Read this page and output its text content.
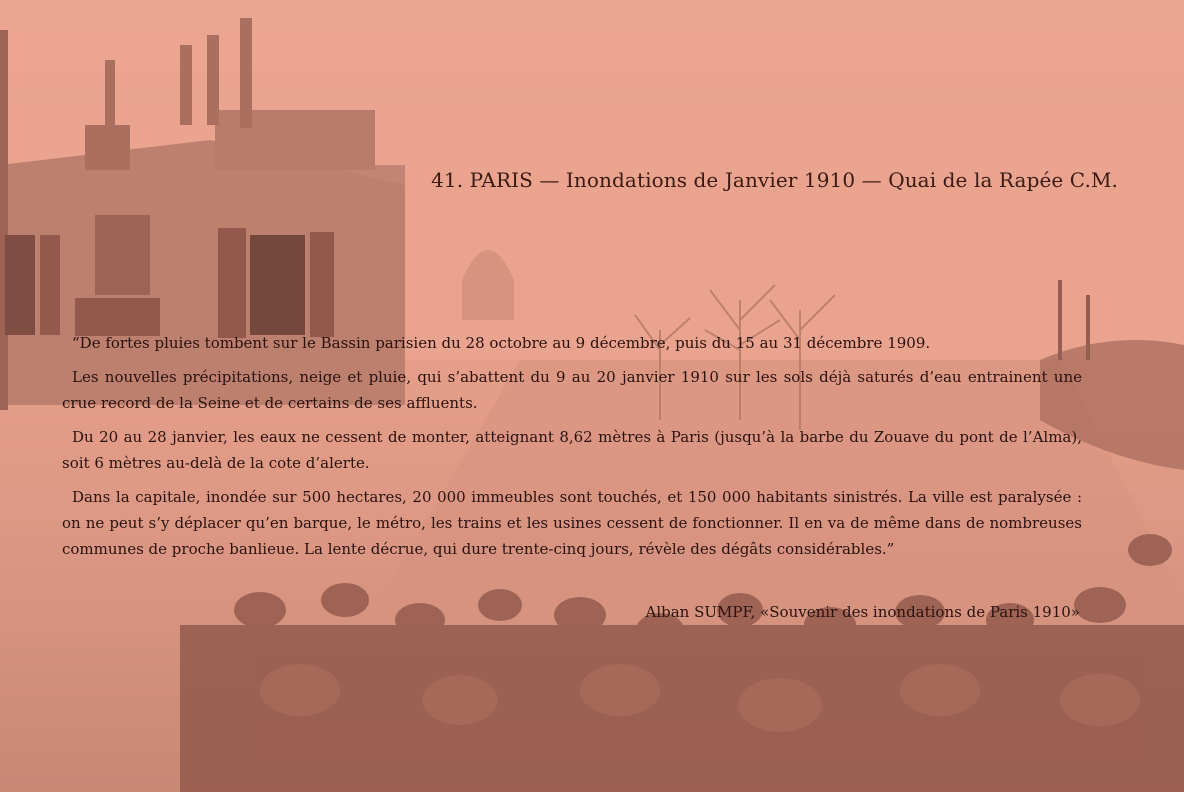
41. PARIS — Inondations de Janvier 1910 — Quai de la Rapée C.M.

“De fortes pluies tombent sur le Bassin parisien du 28 octobre au 9 décembre, puis du 15 au 31 décembre 1909.

Les nouvelles précipitations, neige et pluie, qui s’abattent du 9 au 20 janvier 1910 sur les sols déjà saturés d’eau entrainent une crue record de la Seine et de certains de ses affluents.

Du 20 au 28 janvier, les eaux ne cessent de monter, atteignant 8,62 mètres à Paris (jusqu’à la barbe du Zouave du pont de l’Alma), soit 6 mètres au-delà de la cote d’alerte.

Dans la capitale, inondée sur 500 hectares, 20 000 immeubles sont touchés, et 150 000 habitants sinistrés. La ville est paralysée : on ne peut s’y déplacer qu’en barque, le métro, les trains et les usines cessent de fonctionner. Il en va de même dans de nombreuses communes de proche banlieue. La lente décrue, qui dure trente-cinq jours, révèle des dégâts considérables.”

Alban SUMPF, «Souvenir des inondations de Paris 1910»
